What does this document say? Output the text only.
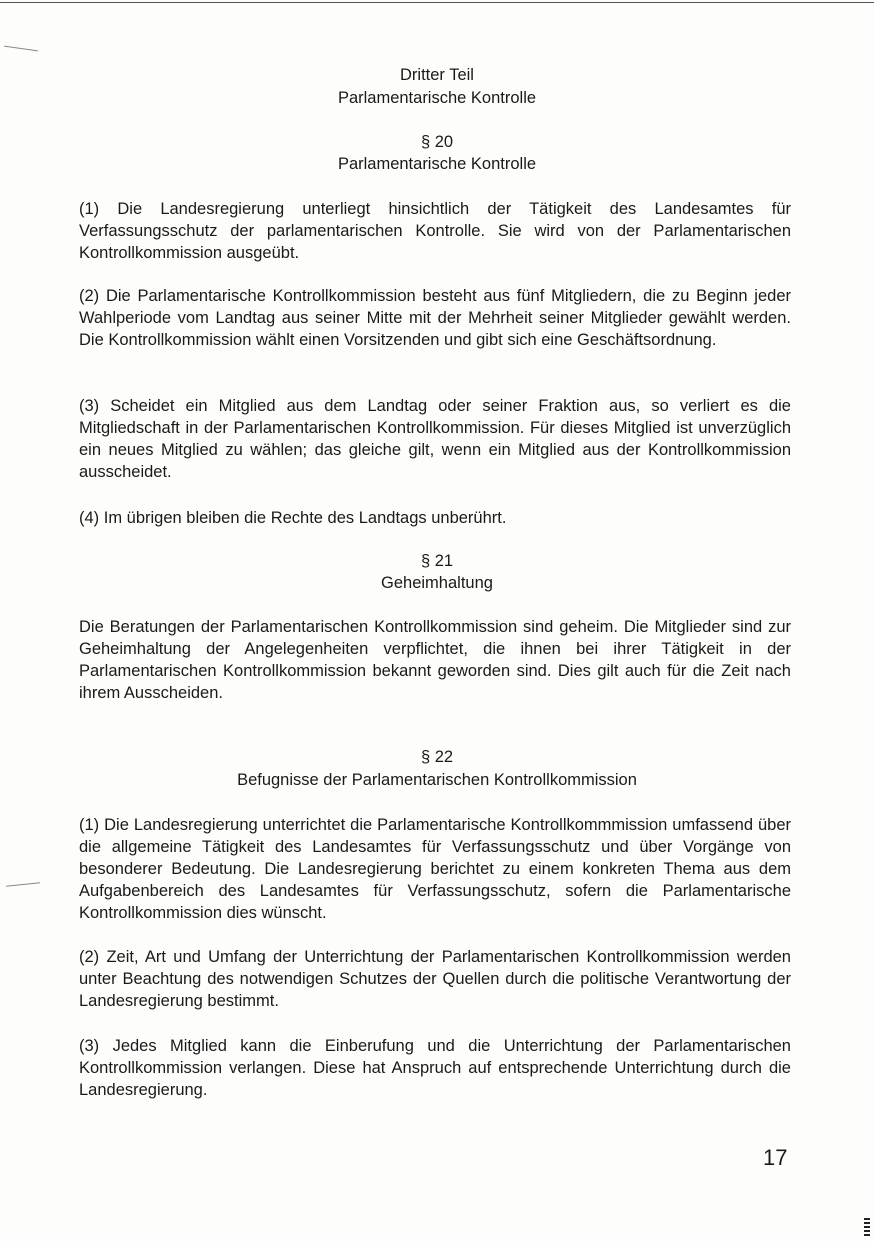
Dritter Teil
Parlamentarische Kontrolle
§ 20
Parlamentarische Kontrolle
(1) Die Landesregierung unterliegt hinsichtlich der Tätigkeit des Landesamtes für Verfassungsschutz der parlamentarischen Kontrolle. Sie wird von der Parlamentarischen Kontrollkommission ausgeübt.
(2) Die Parlamentarische Kontrollkommission besteht aus fünf Mitgliedern, die zu Beginn jeder Wahlperiode vom Landtag aus seiner Mitte mit der Mehrheit seiner Mitglieder gewählt werden. Die Kontrollkommission wählt einen Vorsitzenden und gibt sich eine Geschäftsordnung.
(3) Scheidet ein Mitglied aus dem Landtag oder seiner Fraktion aus, so verliert es die Mitgliedschaft in der Parlamentarischen Kontrollkommission. Für dieses Mitglied ist unverzüglich ein neues Mitglied zu wählen; das gleiche gilt, wenn ein Mitglied aus der Kontrollkommission ausscheidet.
(4) Im übrigen bleiben die Rechte des Landtags unberührt.
§ 21
Geheimhaltung
Die Beratungen der Parlamentarischen Kontrollkommission sind geheim. Die Mitglieder sind zur Geheimhaltung der Angelegenheiten verpflichtet, die ihnen bei ihrer Tätigkeit in der Parlamentarischen Kontrollkommission bekannt geworden sind. Dies gilt auch für die Zeit nach ihrem Ausscheiden.
§ 22
Befugnisse der Parlamentarischen Kontrollkommission
(1) Die Landesregierung unterrichtet die Parlamentarische Kontrollkommmission umfassend über die allgemeine Tätigkeit des Landesamtes für Verfassungsschutz und über Vorgänge von besonderer Bedeutung. Die Landesregierung berichtet zu einem konkreten Thema aus dem Aufgabenbereich des Landesamtes für Verfassungsschutz, sofern die Parlamentarische Kontrollkommission dies wünscht.
(2) Zeit, Art und Umfang der Unterrichtung der Parlamentarischen Kontrollkommission werden unter Beachtung des notwendigen Schutzes der Quellen durch die politische Verantwortung der Landesregierung bestimmt.
(3) Jedes Mitglied kann die Einberufung und die Unterrichtung der Parlamentarischen Kontrollkommission verlangen. Diese hat Anspruch auf entsprechende Unterrichtung durch die Landesregierung.
17
